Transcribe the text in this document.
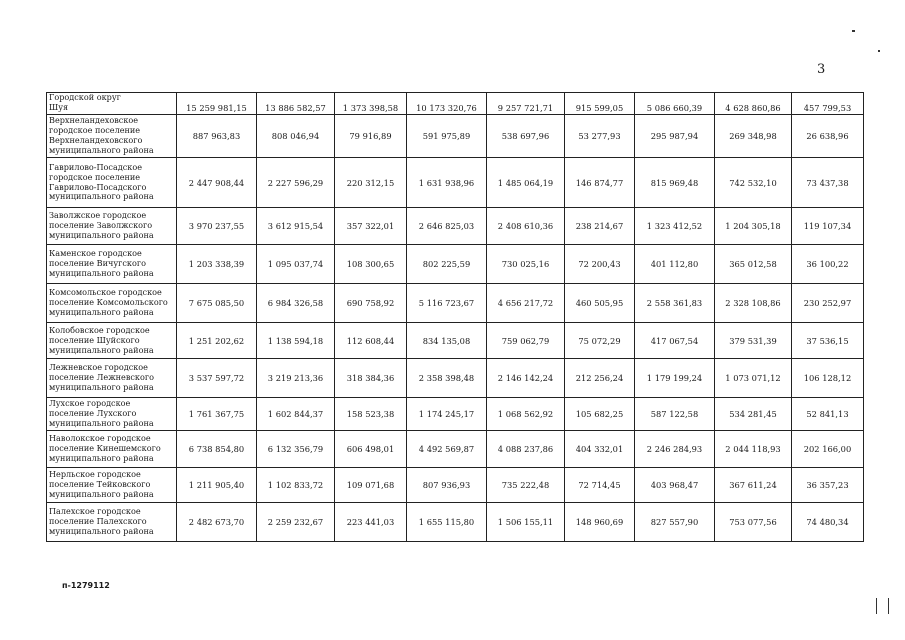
3
Городской округ
Шуя	15 259 981,15	13 886 582,57	1 373 398,58	10 173 320,76	9 257 721,71	915 599,05	5 086 660,39	4 628 860,86	457 799,53
Верхнеландеховское
городское поселение
Верхнеландеховского
муниципального района	887 963,83	808 046,94	79 916,89	591 975,89	538 697,96	53 277,93	295 987,94	269 348,98	26 638,96
Гаврилово-Посадское
городское поселение
Гаврилово-Посадского
муниципального района	2 447 908,44	2 227 596,29	220 312,15	1 631 938,96	1 485 064,19	146 874,77	815 969,48	742 532,10	73 437,38
Заволжское городское
поселение Заволжского
муниципального района	3 970 237,55	3 612 915,54	357 322,01	2 646 825,03	2 408 610,36	238 214,67	1 323 412,52	1 204 305,18	119 107,34
Каменское городское
поселение Вичугского
муниципального района	1 203 338,39	1 095 037,74	108 300,65	802 225,59	730 025,16	72 200,43	401 112,80	365 012,58	36 100,22
Комсомольское городское
поселение Комсомольского
муниципального района	7 675 085,50	6 984 326,58	690 758,92	5 116 723,67	4 656 217,72	460 505,95	2 558 361,83	2 328 108,86	230 252,97
Колобовское городское
поселение Шуйского
муниципального района	1 251 202,62	1 138 594,18	112 608,44	834 135,08	759 062,79	75 072,29	417 067,54	379 531,39	37 536,15
Лежневское городское
поселение Лежневского
муниципального района	3 537 597,72	3 219 213,36	318 384,36	2 358 398,48	2 146 142,24	212 256,24	1 179 199,24	1 073 071,12	106 128,12
Лухское городское
поселение Лухского
муниципального района	1 761 367,75	1 602 844,37	158 523,38	1 174 245,17	1 068 562,92	105 682,25	587 122,58	534 281,45	52 841,13
Наволокское городское
поселение Кинешемского
муниципального района	6 738 854,80	6 132 356,79	606 498,01	4 492 569,87	4 088 237,86	404 332,01	2 246 284,93	2 044 118,93	202 166,00
Нерльское городское
поселение Тейковского
муниципального района	1 211 905,40	1 102 833,72	109 071,68	807 936,93	735 222,48	72 714,45	403 968,47	367 611,24	36 357,23
Палехское городское
поселение Палехского
муниципального района	2 482 673,70	2 259 232,67	223 441,03	1 655 115,80	1 506 155,11	148 960,69	827 557,90	753 077,56	74 480,34
п-1279112
